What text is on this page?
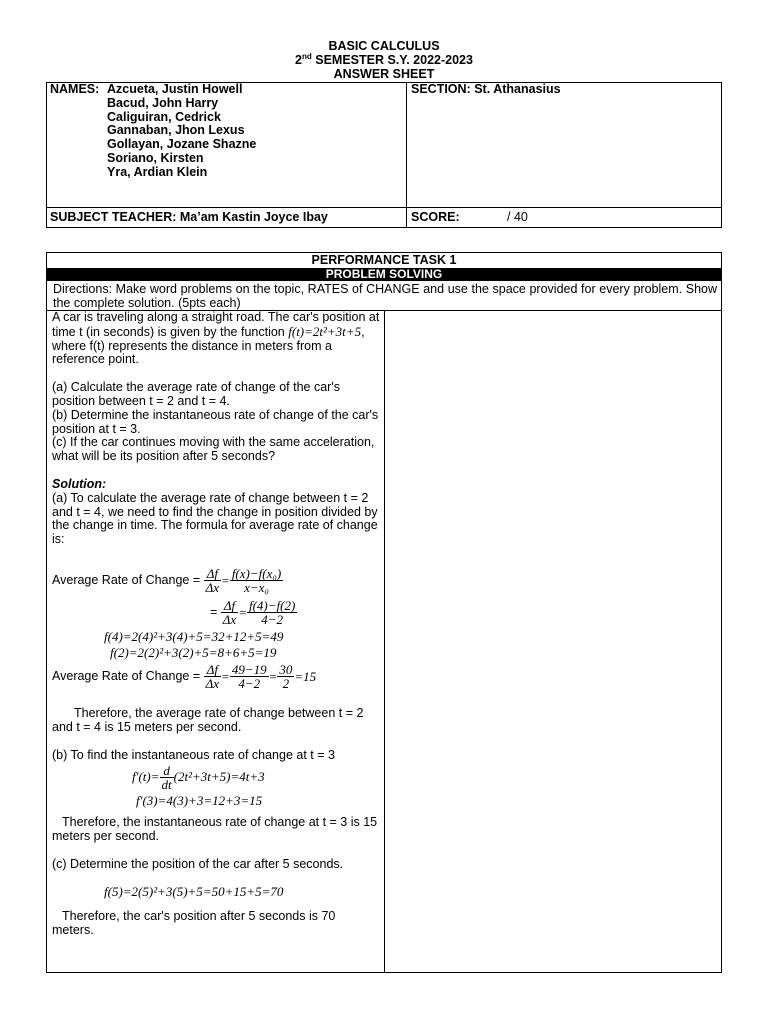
BASIC CALCULUS
2nd SEMESTER S.Y. 2022-2023
ANSWER SHEET
NAMES: Azcueta, Justin Howell
Bacud, John Harry
Caliguiran, Cedrick
Gannaban, Jhon Lexus
Gollayan, Jozane Shazne
Soriano, Kirsten
Yra, Ardian Klein
SECTION: St. Athanasius
SUBJECT TEACHER: Ma’am Kastin Joyce Ibay	SCORE:	/ 40
PERFORMANCE TASK 1
PROBLEM SOLVING
Directions: Make word problems on the topic, RATES of CHANGE and use the space provided for every problem. Show the complete solution. (5pts each)
A car is traveling along a straight road. The car's position at time t (in seconds) is given by the function f(t)=2t²+3t+5, where f(t) represents the distance in meters from a reference point.
(a) Calculate the average rate of change of the car's position between t = 2 and t = 4.
(b) Determine the instantaneous rate of change of the car's position at t = 3.
(c) If the car continues moving with the same acceleration, what will be its position after 5 seconds?
Solution:
(a) To calculate the average rate of change between t = 2 and t = 4, we need to find the change in position divided by the change in time. The formula for average rate of change is:
Average Rate of Change =
$\frac{\Delta f}{\Delta x} = \frac{\text{f(x)−f(x₀)}}{\text{x−x₀}}$
= $\frac{\Delta f}{\Delta x} = \frac{f(4)-f(2)}{4-2}$
f(4)=2(4)²+3(4)+5=32+12+5=49
f(2)=2(2)²+3(2)+5=8+6+5=19
Average Rate of Change =
$\frac{\Delta f}{\Delta x} = \frac{49-19}{4-2} = \frac{30}{2} =15$
Therefore, the average rate of change between t = 2 and t = 4 is 15 meters per second.
(b) To find the instantaneous rate of change at t = 3
$f'(t)= \frac{d}{dt} (2t^2+3t+5)=4t+3$
f′(3)=4(3)+3=12+3=15
Therefore, the instantaneous rate of change at t = 3 is 15 meters per second.
(c) Determine the position of the car after 5 seconds.
f(5)=2(5)²+3(5)+5=50+15+5=70
Therefore, the car's position after 5 seconds is 70 meters.
